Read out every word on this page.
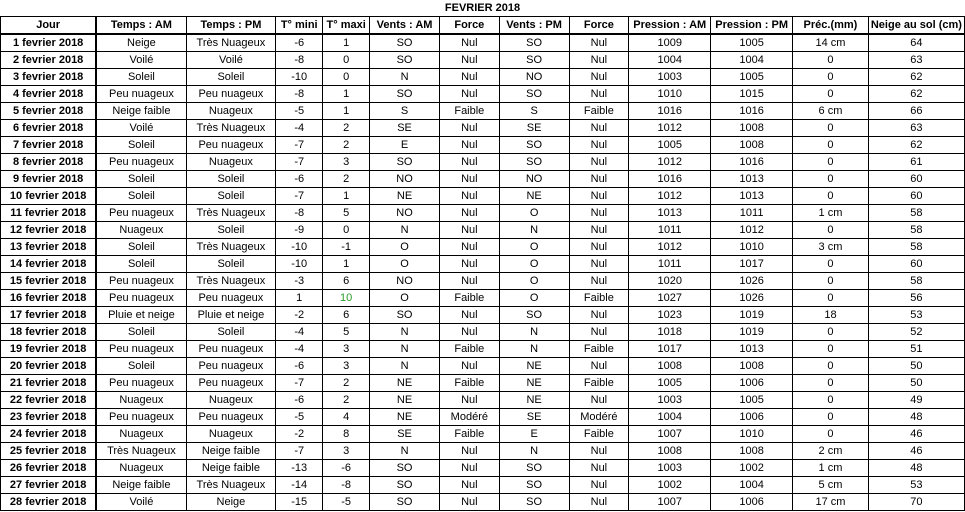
FEVRIER 2018												
Jour	Temps : AM	Temps : PM	T° mini	T° maxi	Vents : AM	Force	Vents : PM	Force	Pression : AM	Pression : PM	Préc.(mm)	Neige au sol (cm)
1 fevrier 2018	Neige	Très Nuageux	-6	1	SO	Nul	SO	Nul	1009	1005	14 cm	64
2 fevrier 2018	Voilé	Voilé	-8	0	SO	Nul	SO	Nul	1004	1004	0	63
3 fevrier 2018	Soleil	Soleil	-10	0	N	Nul	NO	Nul	1003	1005	0	62
4 fevrier 2018	Peu nuageux	Peu nuageux	-8	1	SO	Nul	SO	Nul	1010	1015	0	62
5 fevrier 2018	Neige faible	Nuageux	-5	1	S	Faible	S	Faible	1016	1016	6 cm	66
6 fevrier 2018	Voilé	Très Nuageux	-4	2	SE	Nul	SE	Nul	1012	1008	0	63
7 fevrier 2018	Soleil	Peu nuageux	-7	2	E	Nul	SO	Nul	1005	1008	0	62
8 fevrier 2018	Peu nuageux	Nuageux	-7	3	SO	Nul	SO	Nul	1012	1016	0	61
9 fevrier 2018	Soleil	Soleil	-6	2	NO	Nul	NO	Nul	1016	1013	0	60
10 fevrier 2018	Soleil	Soleil	-7	1	NE	Nul	NE	Nul	1012	1013	0	60
11 fevrier 2018	Peu nuageux	Très Nuageux	-8	5	NO	Nul	O	Nul	1013	1011	1 cm	58
12 fevrier 2018	Nuageux	Soleil	-9	0	N	Nul	N	Nul	1011	1012	0	58
13 fevrier 2018	Soleil	Très Nuageux	-10	-1	O	Nul	O	Nul	1012	1010	3 cm	58
14 fevrier 2018	Soleil	Soleil	-10	1	O	Nul	O	Nul	1011	1017	0	60
15 fevrier 2018	Peu nuageux	Très Nuageux	-3	6	NO	Nul	O	Nul	1020	1026	0	58
16 fevrier 2018	Peu nuageux	Peu nuageux	1	10	O	Faible	O	Faible	1027	1026	0	56
17 fevrier 2018	Pluie et neige	Pluie et neige	-2	6	SO	Nul	SO	Nul	1023	1019	18	53
18 fevrier 2018	Soleil	Soleil	-4	5	N	Nul	N	Nul	1018	1019	0	52
19 fevrier 2018	Peu nuageux	Peu nuageux	-4	3	N	Faible	N	Faible	1017	1013	0	51
20 fevrier 2018	Soleil	Peu nuageux	-6	3	N	Nul	NE	Nul	1008	1008	0	50
21 fevrier 2018	Peu nuageux	Peu nuageux	-7	2	NE	Faible	NE	Faible	1005	1006	0	50
22 fevrier 2018	Nuageux	Nuageux	-6	2	NE	Nul	NE	Nul	1003	1005	0	49
23 fevrier 2018	Peu nuageux	Peu nuageux	-5	4	NE	Modéré	SE	Modéré	1004	1006	0	48
24 fevrier 2018	Nuageux	Nuageux	-2	8	SE	Faible	E	Faible	1007	1010	0	46
25 fevrier 2018	Très Nuageux	Neige faible	-7	3	N	Nul	N	Nul	1008	1008	2 cm	46
26 fevrier 2018	Nuageux	Neige faible	-13	-6	SO	Nul	SO	Nul	1003	1002	1 cm	48
27 fevrier 2018	Neige faible	Très Nuageux	-14	-8	SO	Nul	SO	Nul	1002	1004	5 cm	53
28 fevrier 2018	Voilé	Neige	-15	-5	SO	Nul	SO	Nul	1007	1006	17 cm	70
